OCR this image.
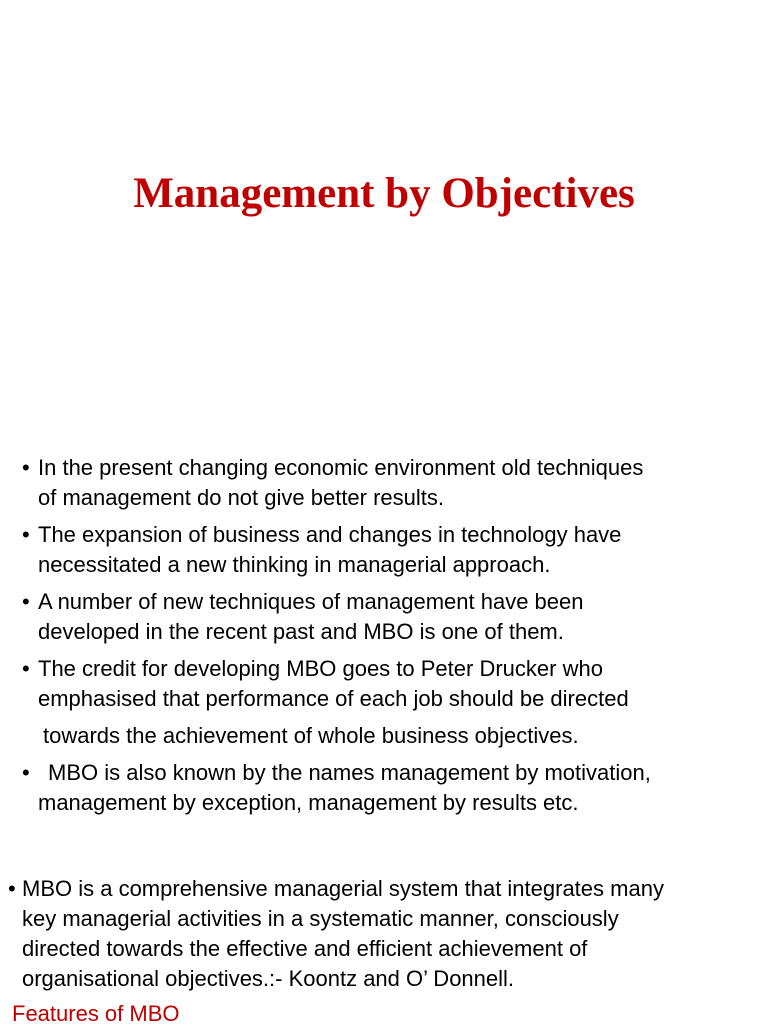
Management by Objectives
• In the present changing economic environment old techniques
of management do not give better results.
• The expansion of business and changes in technology have
necessitated a new thinking in managerial approach.
• A number of new techniques of management have been
developed in the recent past and MBO is one of them.
• The credit for developing MBO goes to Peter Drucker who
emphasised that performance of each job should be directed
towards the achievement of whole business objectives.
• MBO is also known by the names management by motivation,
management by exception, management by results etc.
• MBO is a comprehensive managerial system that integrates many
key managerial activities in a systematic manner, consciously
directed towards the effective and efficient achievement of
organisational objectives.:- Koontz and O’ Donnell.
Features of MBO
